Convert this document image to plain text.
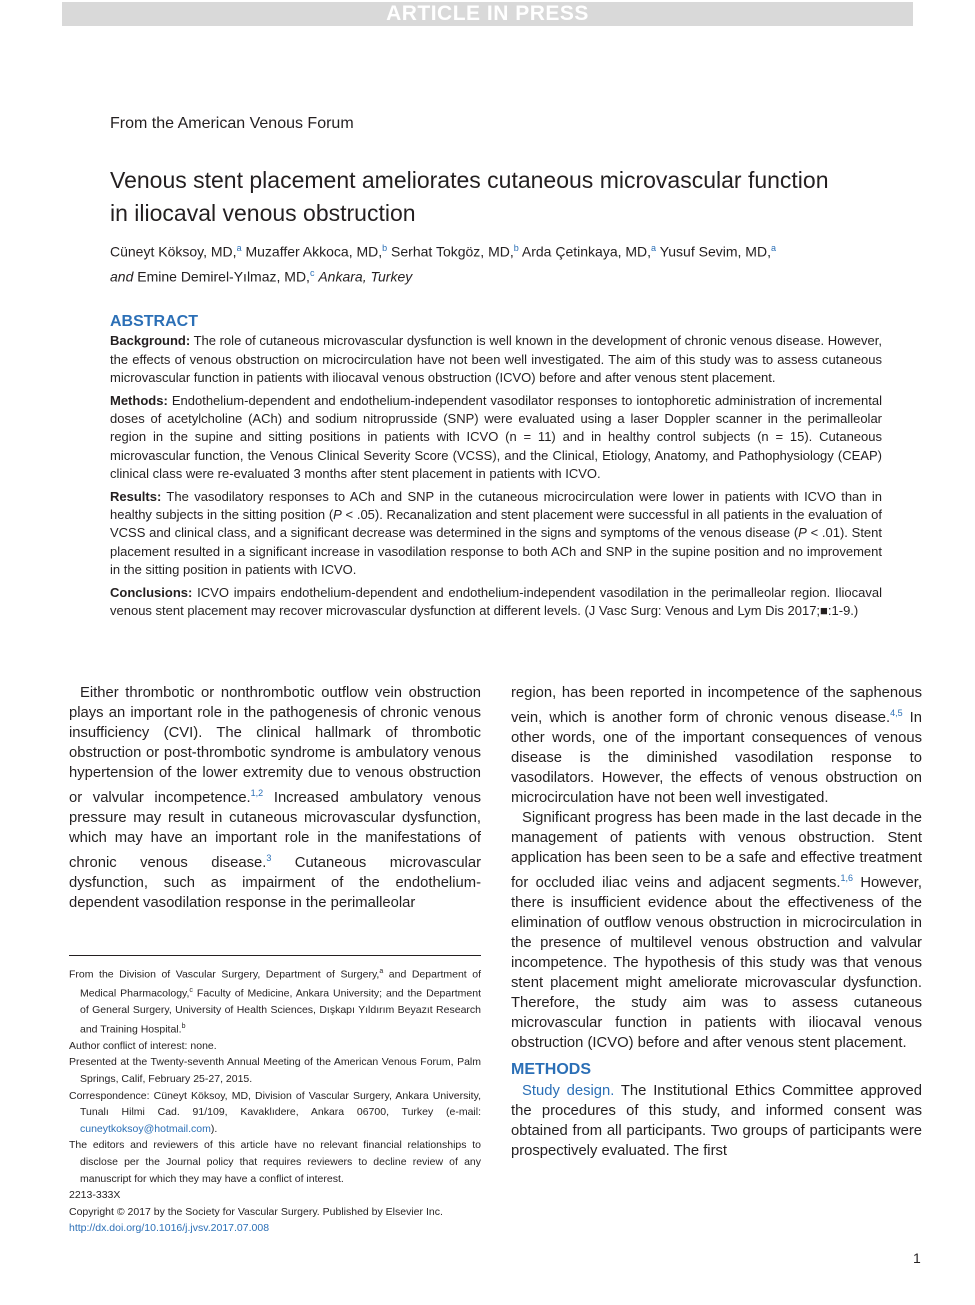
ARTICLE IN PRESS
From the American Venous Forum
Venous stent placement ameliorates cutaneous microvascular function in iliocaval venous obstruction
Cüneyt Köksoy, MD,$^a$ Muzaffer Akkoca, MD,$^b$ Serhat Tokgöz, MD,$^b$ Arda Çetinkaya, MD,$^a$ Yusuf Sevim, MD,$^a$
and Emine Demirel-Yılmaz, MD,$^c$ Ankara, Turkey
ABSTRACT

Background: The role of cutaneous microvascular dysfunction is well known in the development of chronic venous disease. However, the effects of venous obstruction on microcirculation have not been well investigated. The aim of this study was to assess cutaneous microvascular function in patients with iliocaval venous obstruction (ICVO) before and after venous stent placement.

Methods: Endothelium-dependent and endothelium-independent vasodilator responses to iontophoretic administration of incremental doses of acetylcholine (ACh) and sodium nitroprusside (SNP) were evaluated using a laser Doppler scanner in the perimalleolar region in the supine and sitting positions in patients with ICVO (n = 11) and in healthy control subjects (n = 15). Cutaneous microvascular function, the Venous Clinical Severity Score (VCSS), and the Clinical, Etiology, Anatomy, and Pathophysiology (CEAP) clinical class were re-evaluated 3 months after stent placement in patients with ICVO.

Results: The vasodilatory responses to ACh and SNP in the cutaneous microcirculation were lower in patients with ICVO than in healthy subjects in the sitting position (P < .05). Recanalization and stent placement were successful in all patients in the evaluation of VCSS and clinical class, and a significant decrease was determined in the signs and symptoms of the venous disease (P < .01). Stent placement resulted in a significant increase in vasodilation response to both ACh and SNP in the supine position and no improvement in the sitting position in patients with ICVO.

Conclusions: ICVO impairs endothelium-dependent and endothelium-independent vasodilation in the perimalleolar region. Iliocaval venous stent placement may recover microvascular dysfunction at different levels. (J Vasc Surg: Venous and Lym Dis 2017;■:1-9.)

Either thrombotic or nonthrombotic outflow vein obstruction plays an important role in the pathogenesis of chronic venous insufficiency (CVI). The clinical hallmark of thrombotic obstruction or post-thrombotic syndrome is ambulatory venous hypertension of the lower extremity due to venous obstruction or valvular incompetence.$^{1,2}$ Increased ambulatory venous pressure may result in cutaneous microvascular dysfunction, which may have an important role in the manifestations of chronic venous disease.$^3$ Cutaneous microvascular dysfunction, such as impairment of the endothelium-dependent vasodilation response in the perimalleolar

From the Division of Vascular Surgery, Department of Surgery,$^a$ and Department of Medical Pharmacology,$^c$ Faculty of Medicine, Ankara University; and the Department of General Surgery, University of Health Sciences, Dışkapı Yıldırım Beyazıt Research and Training Hospital.$^b$

Author conflict of interest: none.

Presented at the Twenty-seventh Annual Meeting of the American Venous Forum, Palm Springs, Calif, February 25-27, 2015.

Correspondence: Cüneyt Köksoy, MD, Division of Vascular Surgery, Ankara University, Tunalı Hilmi Cad. 91/109, Kavaklıdere, Ankara 06700, Turkey (e-mail: cuneytkoksoy@hotmail.com).

The editors and reviewers of this article have no relevant financial relationships to disclose per the Journal policy that requires reviewers to decline review of any manuscript for which they may have a conflict of interest.

2213-333X

Copyright © 2017 by the Society for Vascular Surgery. Published by Elsevier Inc.

http://dx.doi.org/10.1016/j.jvsv.2017.07.008

region, has been reported in incompetence of the saphenous vein, which is another form of chronic venous disease.$^{4,5}$ In other words, one of the important consequences of venous disease is the diminished vasodilation response to vasodilators. However, the effects of venous obstruction on microcirculation have not been well investigated.

Significant progress has been made in the last decade in the management of patients with venous obstruction. Stent application has been seen to be a safe and effective treatment for occluded iliac veins and adjacent segments.$^{1,6}$ However, there is insufficient evidence about the effectiveness of the elimination of outflow venous obstruction in microcirculation in the presence of multilevel venous obstruction and valvular incompetence. The hypothesis of this study was that venous stent placement might ameliorate microvascular dysfunction. Therefore, the study aim was to assess cutaneous microvascular function in patients with iliocaval venous obstruction (ICVO) before and after venous stent placement.

METHODS

Study design. The Institutional Ethics Committee approved the procedures of this study, and informed consent was obtained from all participants. Two groups of participants were prospectively evaluated. The first

1
